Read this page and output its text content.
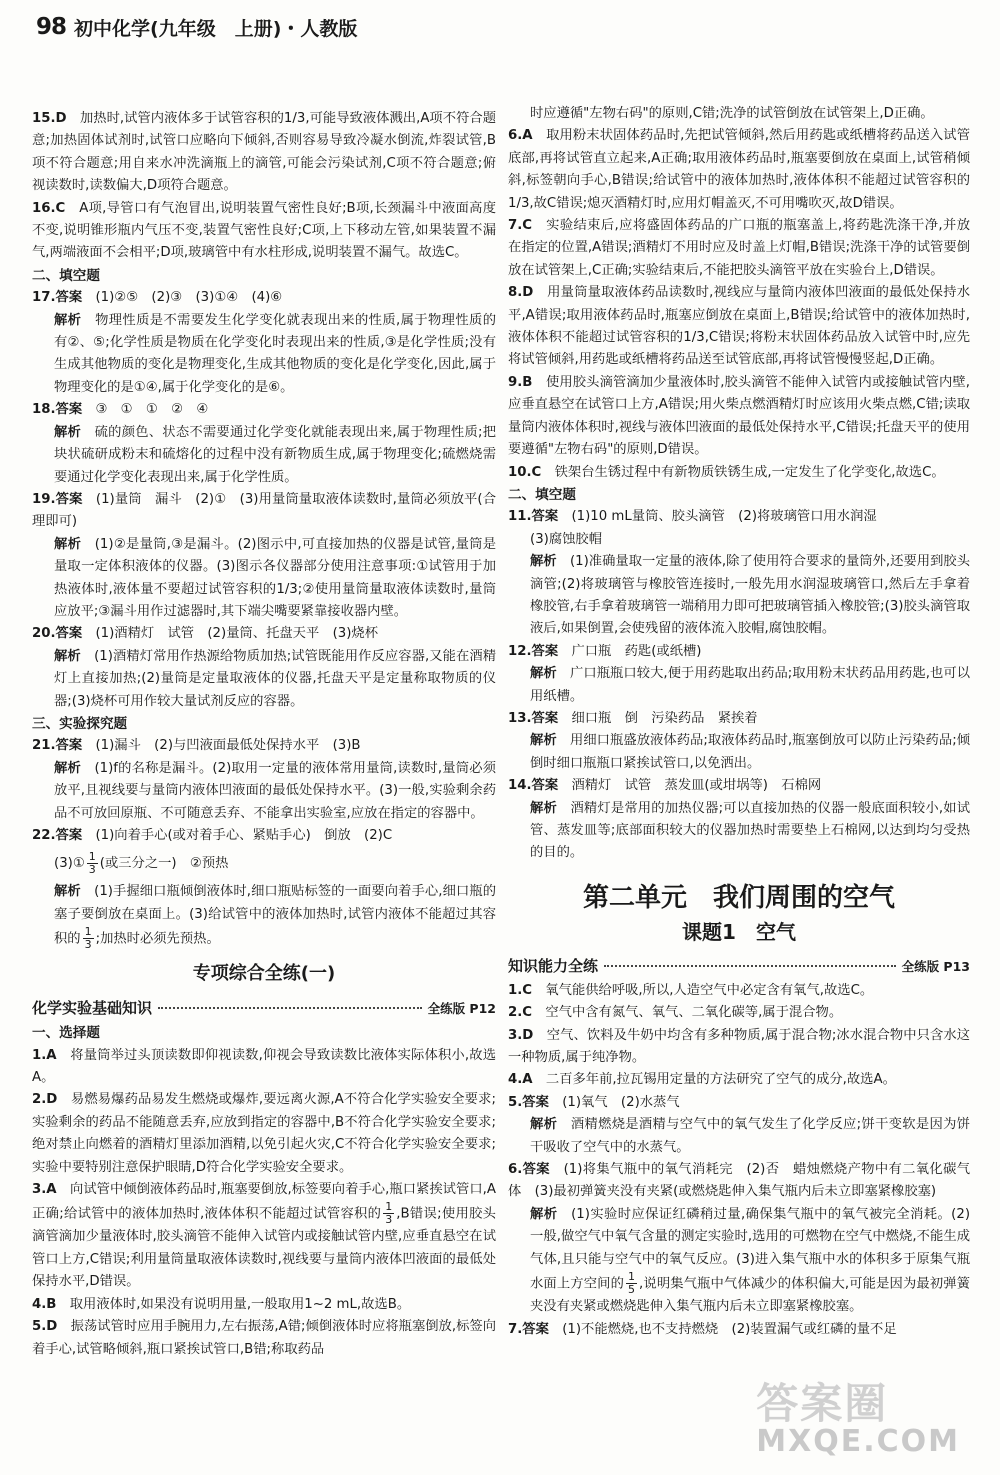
98 初中化学(九年级　上册)・人教版
15.D　 加热时,试管内液体多于试管容积的1/3,可能导致液体溅出,A项不符合题意;加热固体试剂时,试管口应略向下倾斜,否则容易导致冷凝水倒流,炸裂试管,B项不符合题意;用自来水冲洗滴瓶上的滴管,可能会污染试剂,C项不符合题意;俯视读数时,读数偏大,D项符合题意。
16.C　 A项,导管口有气泡冒出,说明装置气密性良好;B项,长颈漏斗中液面高度不变,说明锥形瓶内气压不变,装置气密性良好;C项,上下移动左管,如果装置不漏气,两端液面不会相平;D项,玻璃管中有水柱形成,说明装置不漏气。故选C。
二、填空题
17.答案　 (1)②⑤　(2)③　(3)①④　(4)⑥
解析　 物理性质是不需要发生化学变化就表现出来的性质,属于物理性质的有②、⑤;化学性质是物质在化学变化时表现出来的性质,③是化学性质;没有生成其他物质的变化是物理变化,生成其他物质的变化是化学变化,因此,属于物理变化的是①④,属于化学变化的是⑥。
18.答案　 ③　①　①　②　④
解析　 硫的颜色、状态不需要通过化学变化就能表现出来,属于物理性质;把块状硫研成粉末和硫熔化的过程中没有新物质生成,属于物理变化;硫燃烧需要通过化学变化表现出来,属于化学性质。
19.答案　 (1)量筒　漏斗　(2)①　(3)用量筒量取液体读数时,量筒必须放平(合理即可)
解析　 (1)②是量筒,③是漏斗。(2)图示中,可直接加热的仪器是试管,量筒是量取一定体积液体的仪器。(3)图示各仪器部分使用注意事项:①试管用于加热液体时,液体量不要超过试管容积的1/3;②使用量筒量取液体读数时,量筒应放平;③漏斗用作过滤器时,其下端尖嘴要紧靠接收器内壁。
20.答案　 (1)酒精灯　试管　(2)量筒、托盘天平　(3)烧杯
解析　 (1)酒精灯常用作热源给物质加热;试管既能用作反应容器,又能在酒精灯上直接加热;(2)量筒是定量取液体的仪器,托盘天平是定量称取物质的仪器;(3)烧杯可用作较大量试剂反应的容器。
三、实验探究题
21.答案　 (1)漏斗　(2)与凹液面最低处保持水平　(3)B
解析　 (1)f的名称是漏斗。(2)取用一定量的液体常用量筒,读数时,量筒必须放平,且视线要与量筒内液体凹液面的最低处保持水平。(3)一般,实验剩余药品不可放回原瓶、不可随意丢弃、不能拿出实验室,应放在指定的容器中。
22.答案　 (1)向着手心(或对着手心、紧贴手心)　倒放　(2)C
(3)① $\frac{1}{3}$ (或三分之一)　②预热
解析　 (1)手握细口瓶倾倒液体时,细口瓶贴标签的一面要向着手心,细口瓶的塞子要倒放在桌面上。(3)给试管中的液体加热时,试管内液体不能超过其容积的 $\frac{1}{3}$ ;加热时必须先预热。
专项综合全练(一)
化学实验基础知识	全练版 P12
一、选择题
1.A　 将量筒举过头顶读数即仰视读数,仰视会导致读数比液体实际体积小,故选A。
2.D　 易燃易爆药品易发生燃烧或爆炸,要远离火源,A不符合化学实验安全要求;实验剩余的药品不能随意丢弃,应放到指定的容器中,B不符合化学实验安全要求;绝对禁止向燃着的酒精灯里添加酒精,以免引起火灾,C不符合化学实验安全要求;实验中要特别注意保护眼睛,D符合化学实验安全要求。
3.A　 向试管中倾倒液体药品时,瓶塞要倒放,标签要向着手心,瓶口紧挨试管口,A正确;给试管中的液体加热时,液体体积不能超过试管容积的 $\frac{1}{3} ,B$错误;使用胶头滴管滴加少量液体时,胶头滴管不能伸入试管内或接触试管内壁,应垂直悬空在试管口上方,C错误;利用量筒量取液体读数时,视线要与量筒内液体凹液面的最低处保持水平,D错误。
4.B　 取用液体时,如果没有说明用量,一般取用1~2 mL,故选B。
5.D　 振荡试管时应用手腕用力,左右振荡,A错;倾倒液体时应将瓶塞倒放,标签向着手心,试管略倾斜,瓶口紧挨试管口,B错;称取药品
时应遵循"左物右码"的原则,C错;洗净的试管倒放在试管架上,D正确。
6.A　 取用粉末状固体药品时,先把试管倾斜,然后用药匙或纸槽将药品送入试管底部,再将试管直立起来,A正确;取用液体药品时,瓶塞要倒放在桌面上,试管稍倾斜,标签朝向手心,B错误;给试管中的液体加热时,液体体积不能超过试管容积的1/3,故C错误;熄灭酒精灯时,应用灯帽盖灭,不可用嘴吹灭,故D错误。
7.C　 实验结束后,应将盛固体药品的广口瓶的瓶塞盖上,将药匙洗涤干净,并放在指定的位置,A错误;酒精灯不用时应及时盖上灯帽,B错误;洗涤干净的试管要倒放在试管架上,C正确;实验结束后,不能把胶头滴管平放在实验台上,D错误。
8.D　 用量筒量取液体药品读数时,视线应与量筒内液体凹液面的最低处保持水平,A错误;取用液体药品时,瓶塞应倒放在桌面上,B错误;给试管中的液体加热时,液体体积不能超过试管容积的1/3,C错误;将粉末状固体药品放入试管中时,应先将试管倾斜,用药匙或纸槽将药品送至试管底部,再将试管慢慢竖起,D正确。
9.B　 使用胶头滴管滴加少量液体时,胶头滴管不能伸入试管内或接触试管内壁,应垂直悬空在试管口上方,A错误;用火柴点燃酒精灯时应该用火柴点燃,C错;读取量筒内液体体积时,视线与液体凹液面的最低处保持水平,C错误;托盘天平的使用要遵循"左物右码"的原则,D错误。
10.C　 铁架台生锈过程中有新物质铁锈生成,一定发生了化学变化,故选C。
二、填空题
11.答案　 (1)10 mL量筒、胶头滴管　(2)将玻璃管口用水润湿
(3)腐蚀胶帽
解析　 (1)准确量取一定量的液体,除了使用符合要求的量筒外,还要用到胶头滴管;(2)将玻璃管与橡胶管连接时,一般先用水润湿玻璃管口,然后左手拿着橡胶管,右手拿着玻璃管一端稍用力即可把玻璃管插入橡胶管;(3)胶头滴管取液后,如果倒置,会使残留的液体流入胶帽,腐蚀胶帽。
12.答案　 广口瓶　药匙(或纸槽)
解析　 广口瓶瓶口较大,便于用药匙取出药品;取用粉末状药品用药匙,也可以用纸槽。
13.答案　 细口瓶　倒　污染药品　紧挨着
解析　 用细口瓶盛放液体药品;取液体药品时,瓶塞倒放可以防止污染药品;倾倒时细口瓶瓶口紧挨试管口,以免洒出。
14.答案　 酒精灯　试管　蒸发皿(或坩埚等)　石棉网
解析　 酒精灯是常用的加热仪器;可以直接加热的仪器一般底面积较小,如试管、蒸发皿等;底部面积较大的仪器加热时需要垫上石棉网,以达到均匀受热的目的。
第二单元　我们周围的空气
课题1　空气
知识能力全练	全练版 P13
1.C　 氧气能供给呼吸,所以,人造空气中必定含有氧气,故选C。
2.C　 空气中含有氮气、氧气、二氧化碳等,属于混合物。
3.D　 空气、饮料及牛奶中均含有多种物质,属于混合物;冰水混合物中只含水这一种物质,属于纯净物。
4.A　 二百多年前,拉瓦锡用定量的方法研究了空气的成分,故选A。
5.答案　 (1)氧气　(2)水蒸气
解析　 酒精燃烧是酒精与空气中的氧气发生了化学反应;饼干变软是因为饼干吸收了空气中的水蒸气。
6.答案　 (1)将集气瓶中的氧气消耗完　(2)否　蜡烛燃烧产物中有二氧化碳气体　(3)最初弹簧夹没有夹紧(或燃烧匙伸入集气瓶内后未立即塞紧橡胶塞)
解析　 (1)实验时应保证红磷稍过量,确保集气瓶中的氧气被完全消耗。(2)一般,做空气中氧气含量的测定实验时,选用的可燃物在空气中燃烧,不能生成气体,且只能与空气中的氧气反应。(3)进入集气瓶中水的体积多于原集气瓶水面上方空间的 $\frac{1}{5}$ ,说明集气瓶中气体减少的体积偏大,可能是因为最初弹簧夹没有夹紧或燃烧匙伸入集气瓶内后未立即塞紧橡胶塞。
7.答案　 (1)不能燃烧,也不支持燃烧　(2)装置漏气或红磷的量不足
答案圈
MXQE.COM
